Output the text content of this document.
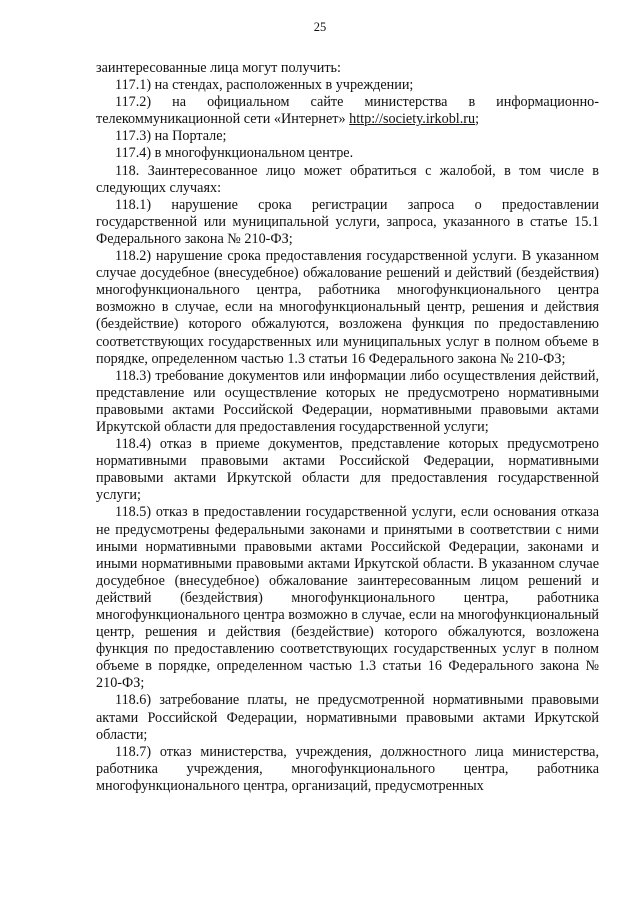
25

заинтересованные лица могут получить:

117.1) на стендах, расположенных в учреждении;

117.2) на официальном сайте министерства в информационно-телекоммуникационной сети «Интернет» http://society.irkobl.ru;

117.3) на Портале;

117.4) в многофункциональном центре.

118. Заинтересованное лицо может обратиться с жалобой, в том числе в следующих случаях:

118.1) нарушение срока регистрации запроса о предоставлении государственной или муниципальной услуги, запроса, указанного в статье 15.1 Федерального закона № 210-ФЗ;

118.2) нарушение срока предоставления государственной услуги. В указанном случае досудебное (внесудебное) обжалование решений и действий (бездействия) многофункционального центра, работника многофункционального центра возможно в случае, если на многофункциональный центр, решения и действия (бездействие) которого обжалуются, возложена функция по предоставлению соответствующих государственных или муниципальных услуг в полном объеме в порядке, определенном частью 1.3 статьи 16 Федерального закона № 210-ФЗ;

118.3) требование документов или информации либо осуществления действий, представление или осуществление которых не предусмотрено нормативными правовыми актами Российской Федерации, нормативными правовыми актами Иркутской области для предоставления государственной услуги;

118.4) отказ в приеме документов, представление которых предусмотрено нормативными правовыми актами Российской Федерации, нормативными правовыми актами Иркутской области для предоставления государственной услуги;

118.5) отказ в предоставлении государственной услуги, если основания отказа не предусмотрены федеральными законами и принятыми в соответствии с ними иными нормативными правовыми актами Российской Федерации, законами и иными нормативными правовыми актами Иркутской области. В указанном случае досудебное (внесудебное) обжалование заинтересованным лицом решений и действий (бездействия) многофункционального центра, работника многофункционального центра возможно в случае, если на многофункциональный центр, решения и действия (бездействие) которого обжалуются, возложена функция по предоставлению соответствующих государственных услуг в полном объеме в порядке, определенном частью 1.3 статьи 16 Федерального закона № 210-ФЗ;

118.6) затребование платы, не предусмотренной нормативными правовыми актами Российской Федерации, нормативными правовыми актами Иркутской области;

118.7) отказ министерства, учреждения, должностного лица министерства, работника учреждения, многофункционального центра, работника многофункционального центра, организаций, предусмотренных
